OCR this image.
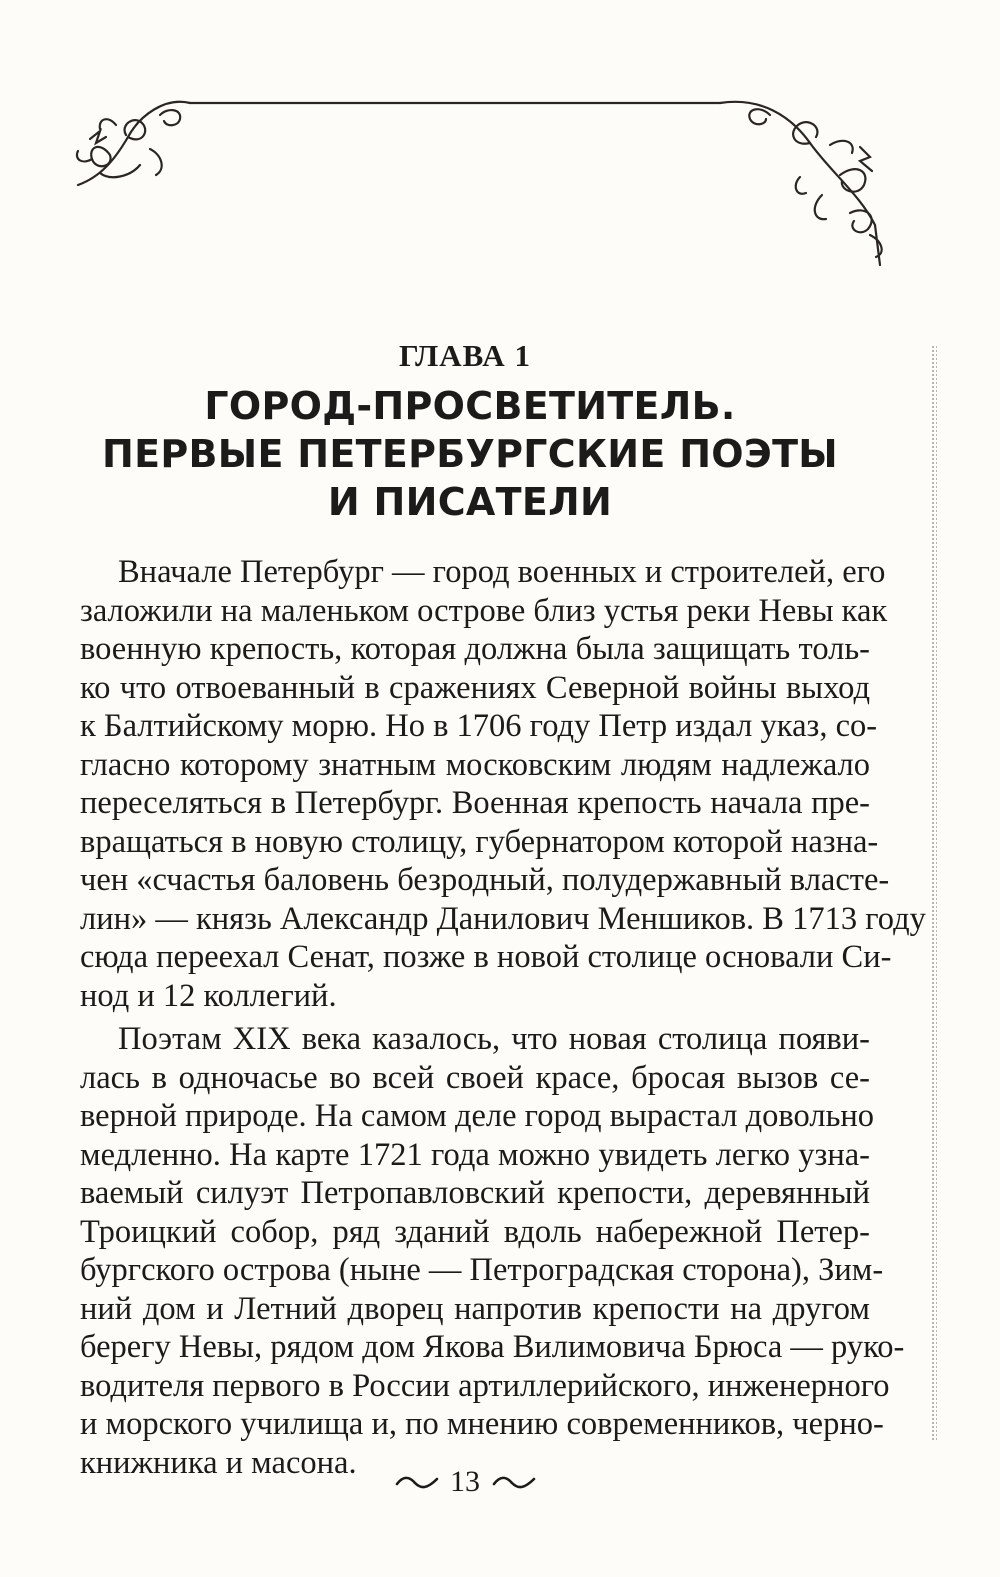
ГЛАВА 1
ГОРОД-ПРОСВЕТИТЕЛЬ.
ПЕРВЫЕ ПЕТЕРБУРГСКИЕ ПОЭТЫ
И ПИСАТЕЛИ
Вначале Петербург — город военных и строителей, его
заложили на маленьком острове близ устья реки Невы как
военную крепость, которая должна была защищать толь-
ко что отвоеванный в сражениях Северной войны выход
к Балтийскому морю. Но в 1706 году Петр издал указ, со-
гласно которому знатным московским людям надлежало
переселяться в Петербург. Военная крепость начала пре-
вращаться в новую столицу, губернатором которой назна-
чен «счастья баловень безродный, полудержавный власте-
лин» — князь Александр Данилович Меншиков. В 1713 году
сюда переехал Сенат, позже в новой столице основали Си-
нод и 12 коллегий.
Поэтам XIX века казалось, что новая столица появи-
лась в одночасье во всей своей красе, бросая вызов се-
верной природе. На самом деле город вырастал довольно
медленно. На карте 1721 года можно увидеть легко узна-
ваемый силуэт Петропавловский крепости, деревянный
Троицкий собор, ряд зданий вдоль набережной Петер-
бургского острова (ныне — Петроградская сторона), Зим-
ний дом и Летний дворец напротив крепости на другом
берегу Невы, рядом дом Якова Вилимовича Брюса — руко-
водителя первого в России артиллерийского, инженерного
и морского училища и, по мнению современников, черно-
книжника и масона.
13
